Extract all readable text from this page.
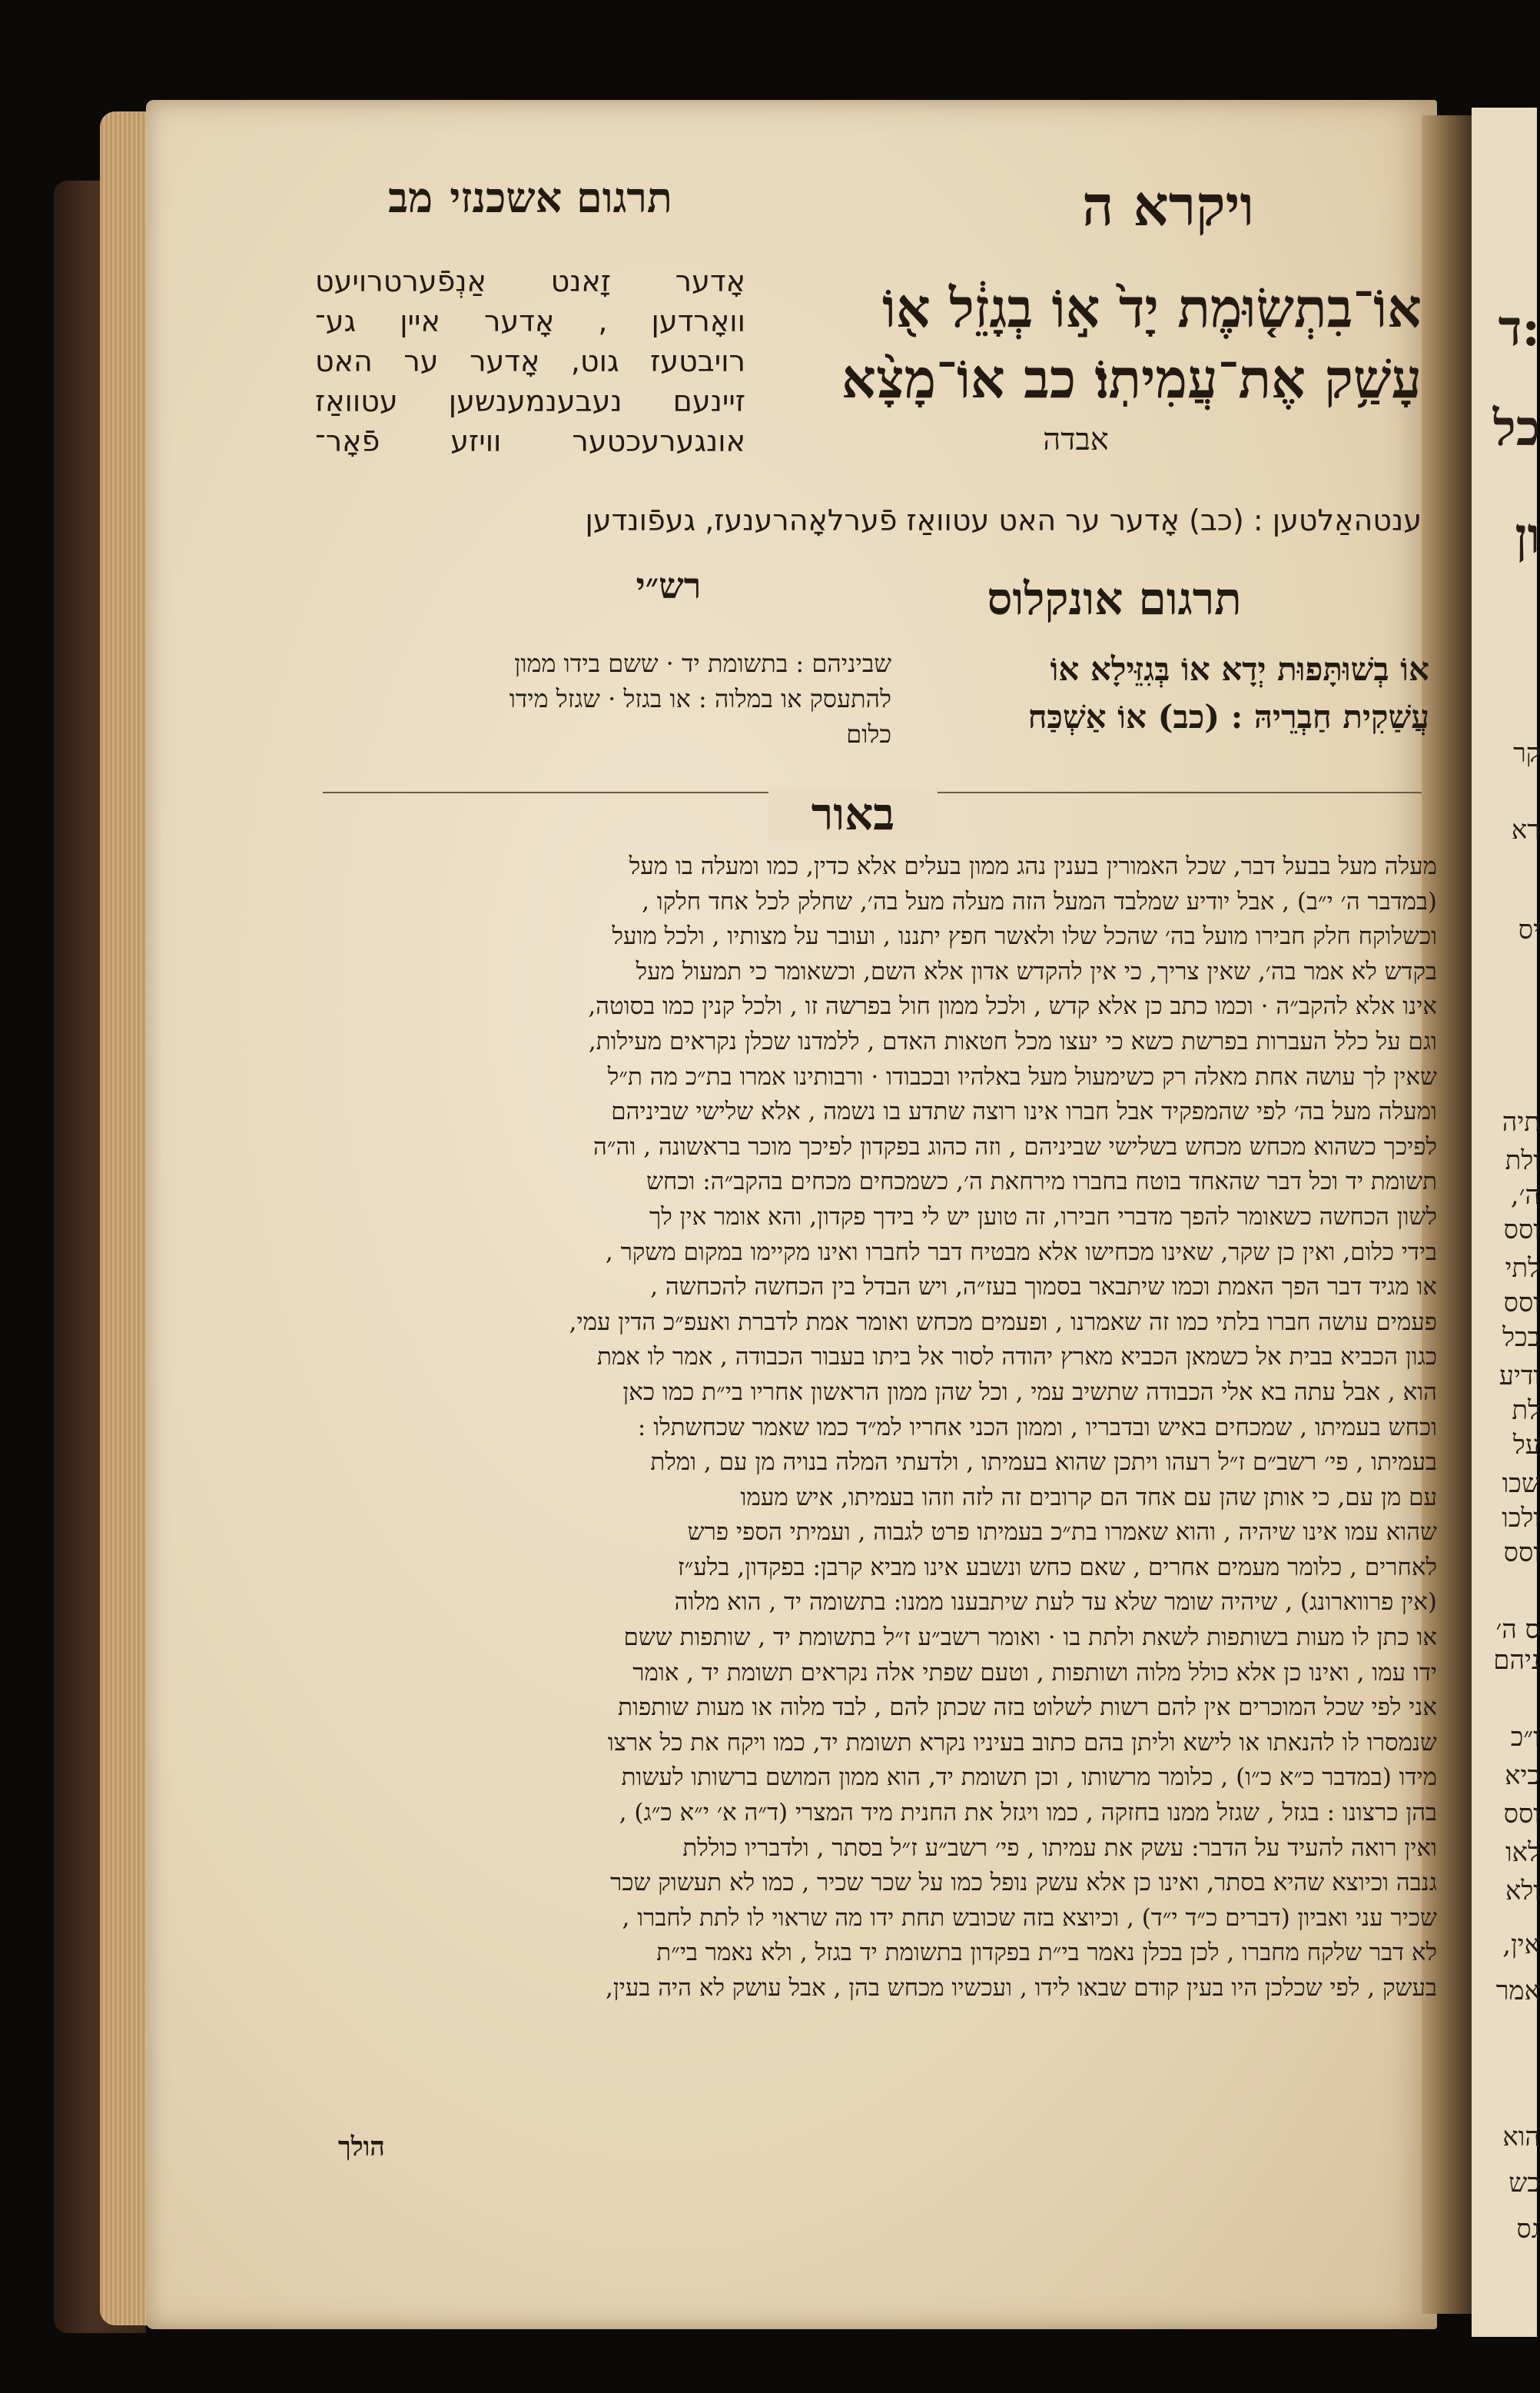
:ד
כל
ון
קר
רא
יס
תיה
ולת
ה׳,
וסס
לתי
וסס
בכל
ודיע
לת
על
שכו
ולכו
וסס
ס ה׳
ניהם
ו״כ
כיא
וסס
לאו
ולא
אין,
אמר
הוא
כש
גס
ויקרא ה
תרגום אשכנזימב
אוֹ־בִתְשׂ֤וּמֶת יָד֙ א֣וֹ בְגָזֵ֔ל א֖וֹ
עָשַׁ֥ק אֶת־עֲמִיתֽוֹ׃ כב אוֹ־מָצָ֨א
אבדה
אָדער זָאנט אַנְפֿערטרויעט
וואָרדען , אָדער איין גע־
רויבטעז גוט, אָדער ער האט
זיינעם נעבענמענשען עטוואַז
אונגערעכטער וויזע פֿאָר־
ענטהאַלטען : (כב) אָדער ער האט עטוואַז פֿערלאָהרענעז, געפֿונדען
רש״י	תרגום אונקלוס
אוֹ בְשׁוּתָּפוּת יְדָא אוֹ בְּגִזֵּילָא אוֹ
עֲשַׁקִית חַבְרֵיהּ : (כב) אוֹ אַשְׁכַּח
שביניהם : בתשומת יד · ששם בידו ממון
להתעסק או במלוה : או בגזל · שגזל מידו
כלום
באור
מעלה מעל בבעל דבר, שכל האמורין בענין נהג ממון בעלים אלא כדין, כמו ומעלה בו מעל
(במדבר ה׳ י״ב) , אבל יודיע שמלבד המעל הזה מעלה מעל בה׳, שחלק לכל אחד חלקו ,
וכשלוקח חלק חבירו מועל בה׳ שהכל שלו ולאשר חפץ יתננו , ועובר על מצותיו , ולכל מועל
בקדש לא אמר בה׳, שאין צריך, כי אין להקדש אדון אלא השם, וכשאומר כי תמעול מעל
אינו אלא להקב״ה · וכמו כתב כן אלא קדש , ולכל ממון חול בפרשה זו , ולכל קנין כמו בסוטה,
וגם על כלל העברות בפרשת כשא כי יעצו מכל חטאות האדם , ללמדנו שכלן נקראים מעילות,
שאין לך עושה אחת מאלה רק כשימעול מעל באלהיו ובכבודו · ורבותינו אמרו בת״כ מה ת״ל
ומעלה מעל בה׳ לפי שהמפקיד אבל חברו אינו רוצה שתדע בו נשמה , אלא שלישי שביניהם
לפיכך כשהוא מכחש מכחש בשלישי שביניהם , וזה כהוג בפקדון לפיכך מוכר בראשונה , וה״ה
תשומת יד וכל דבר שהאחד בוטח בחברו מירחאת ה׳, כשמכחים מכחים בהקב״ה: וכחש
לשון הכחשה כשאומר להפך מדברי חבירו, זה טוען יש לי בידך פקדון, והא אומר אין לך
בידי כלום, ואין כן שקר, שאינו מכחישו אלא מבטיח דבר לחברו ואינו מקיימו במקום משקר ,
או מגיד דבר הפך האמת וכמו שיתבאר בסמוך בעז״ה, ויש הבדל בין הכחשה להכחשה ,
פעמים עושה חברו בלתי כמו זה שאמרנו , ופעמים מכחש ואומר אמת לדברת ואעפ״כ הדין עמי,
כגון הכביא בבית אל כשמאן הכביא מארץ יהודה לסור אל ביתו בעבור הכבודה , אמר לו אמת
הוא , אבל עתה בא אלי הכבודה שתשיב עמי , וכל שהן ממון הראשון אחריו בי״ת כמו כאן
וכחש בעמיתו , שמכחים באיש ובדבריו , וממון הכני אחריו למ״ד כמו שאמר שכחשתלו :
בעמיתו , פי׳ רשב״ם ז״ל רעהו ויתכן שהוא בעמיתו , ולדעתי המלה בנויה מן עם , ומלת
עם מן עם, כי אותן שהן עם אחד הם קרובים זה לזה וזהו בעמיתו, איש מעמו
שהוא עמו אינו שיהיה , והוא שאמרו בת״כ בעמיתו פרט לגבוה , ועמיתי הספי פרש
לאחרים , כלומר מעמים אחרים , שאם כחש ונשבע אינו מביא קרבן: בפקדון, בלע״ז
(אין פרווארונג) , שיהיה שומר שלא עד לעת שיתבענו ממנו: בתשומה יד , הוא מלוה
או כתן לו מעות בשותפות לשאת ולתת בו · ואומר רשב״ע ז״ל בתשומת יד , שותפות ששם
ידו עמו , ואינו כן אלא כולל מלוה ושותפות , וטעם שפתי אלה נקראים תשומת יד , אומר
אני לפי שכל המוכרים אין להם רשות לשלוט בזה שכתן להם , לבד מלוה או מעות שותפות
שנמסרו לו להנאתו או לישא וליתן בהם כתוב בעיניו נקרא תשומת יד, כמו ויקח את כל ארצו
מידו (במדבר כ״א כ״ו) , כלומר מרשותו , וכן תשומת יד, הוא ממון המושם ברשותו לעשות
בהן כרצונו : בגזל , שגזל ממנו בחזקה , כמו ויגזל את החנית מיד המצרי (ד״ה א׳ י״א כ״ג) ,
ואין רואה להעיד על הדבר: עשק את עמיתו , פי׳ רשב״ע ז״ל בסתר , ולדבריו כוללת
גנבה וכיוצא שהיא בסתר, ואינו כן אלא עשק נופל כמו על שכר שכיר , כמו לא תעשוק שכר
שכיר עני ואביון (דברים כ״ד י״ד) , וכיוצא בזה שכובש תחת ידו מה שראוי לו לתת לחברו ,
לא דבר שלקח מחברו , לכן בכלן נאמר בי״ת בפקדון בתשומת יד בגזל , ולא נאמר בי״ת
בעשק , לפי שכלכן היו בעין קודם שבאו לידו , ועכשיו מכחש בהן , אבל עושק לא היה בעין,
הולך
